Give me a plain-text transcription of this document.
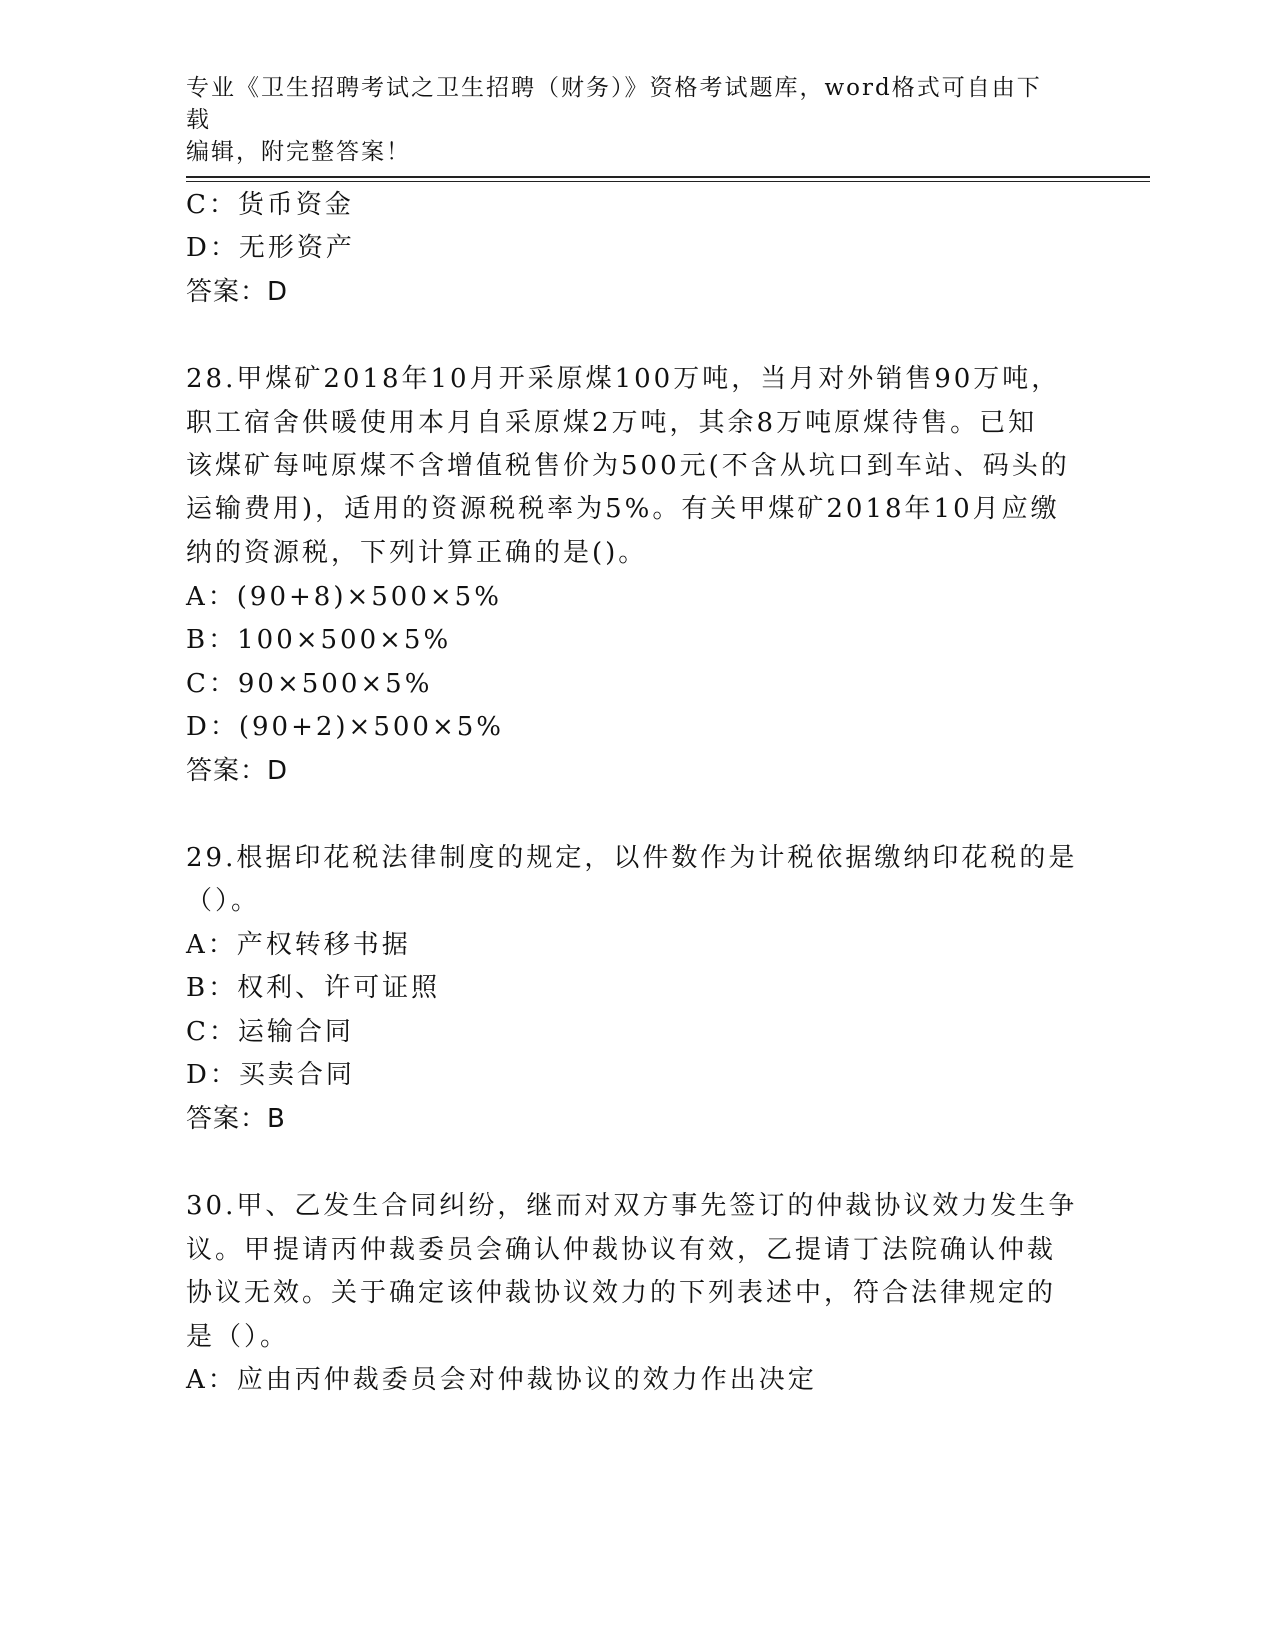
专业《卫生招聘考试之卫生招聘（财务）》资格考试题库，word格式可自由下载
编辑，附完整答案！
C：货币资金
D：无形资产
答案：D
28.甲煤矿2018年10月开采原煤100万吨，当月对外销售90万吨，
职工宿舍供暖使用本月自采原煤2万吨，其余8万吨原煤待售。已知
该煤矿每吨原煤不含增值税售价为500元(不含从坑口到车站、码头的
运输费用)，适用的资源税税率为5%。有关甲煤矿2018年10月应缴
纳的资源税，下列计算正确的是()。
A：(90+8)×500×5%
B：100×500×5%
C：90×500×5%
D：(90+2)×500×5%
答案：D
29.根据印花税法律制度的规定，以件数作为计税依据缴纳印花税的是
（）。
A：产权转移书据
B：权利、许可证照
C：运输合同
D：买卖合同
答案：B
30.甲、乙发生合同纠纷，继而对双方事先签订的仲裁协议效力发生争
议。甲提请丙仲裁委员会确认仲裁协议有效，乙提请丁法院确认仲裁
协议无效。关于确定该仲裁协议效力的下列表述中，符合法律规定的
是（）。
A：应由丙仲裁委员会对仲裁协议的效力作出决定
